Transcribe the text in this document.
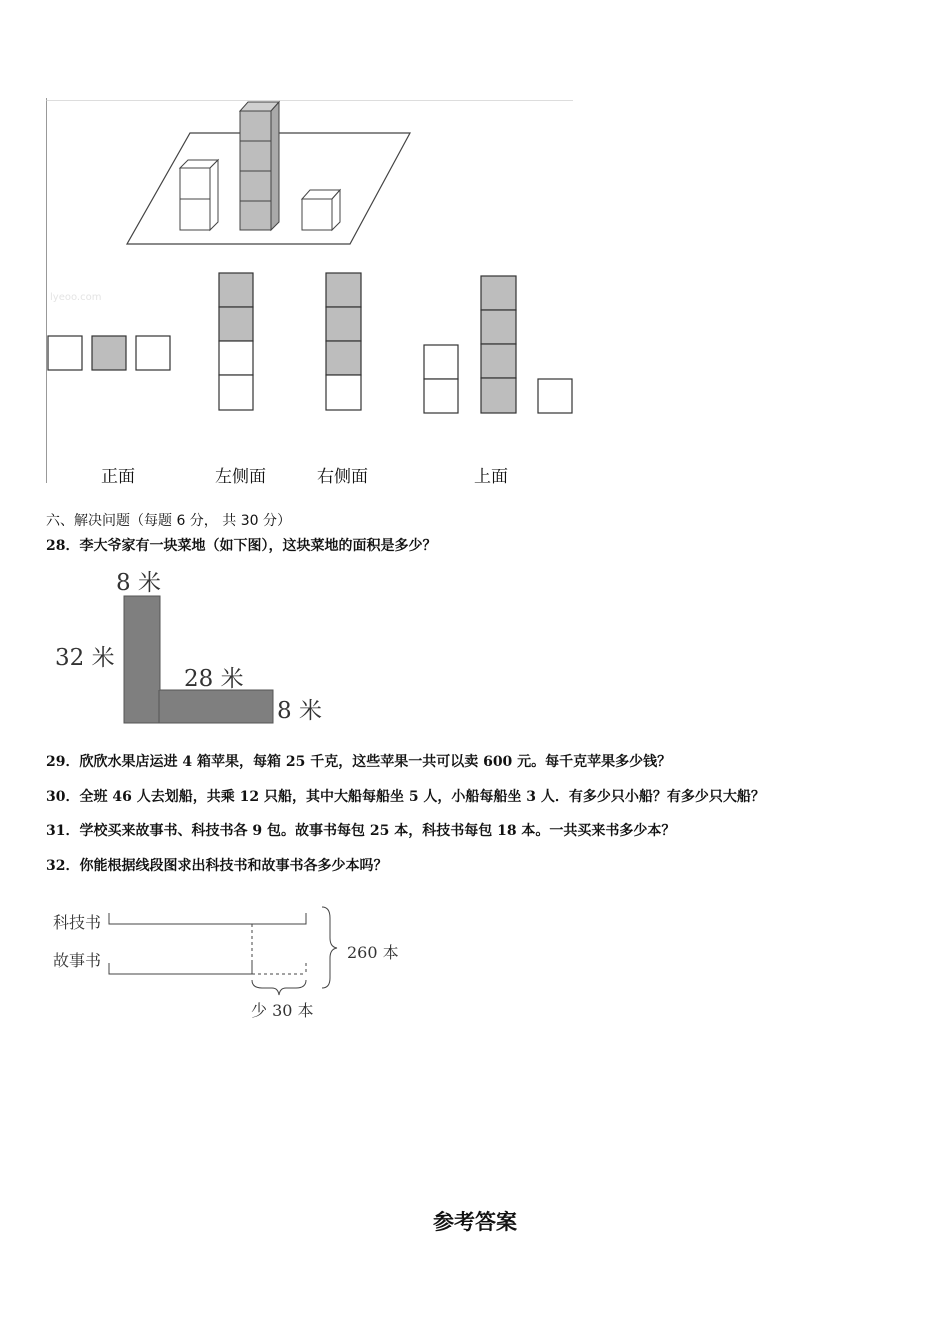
lyeoo.com
正面	左侧面	右侧面	上面
六、解决问题（每题 6 分， 共 30 分）
28．李大爷家有一块菜地（如下图），这块菜地的面积是多少？
8 米
32 米
28 米
8 米
29．欣欣水果店运进 4 箱苹果，每箱 25 千克，这些苹果一共可以卖 600 元。每千克苹果多少钱？
30．全班 46 人去划船，共乘 12 只船，其中大船每船坐 5 人，小船每船坐 3 人．有多少只小船？有多少只大船？
31．学校买来故事书、科技书各 9 包。故事书每包 25 本，科技书每包 18 本。一共买来书多少本？
32．你能根据线段图求出科技书和故事书各多少本吗？
科技书
故事书	260 本
少 30 本
参考答案
